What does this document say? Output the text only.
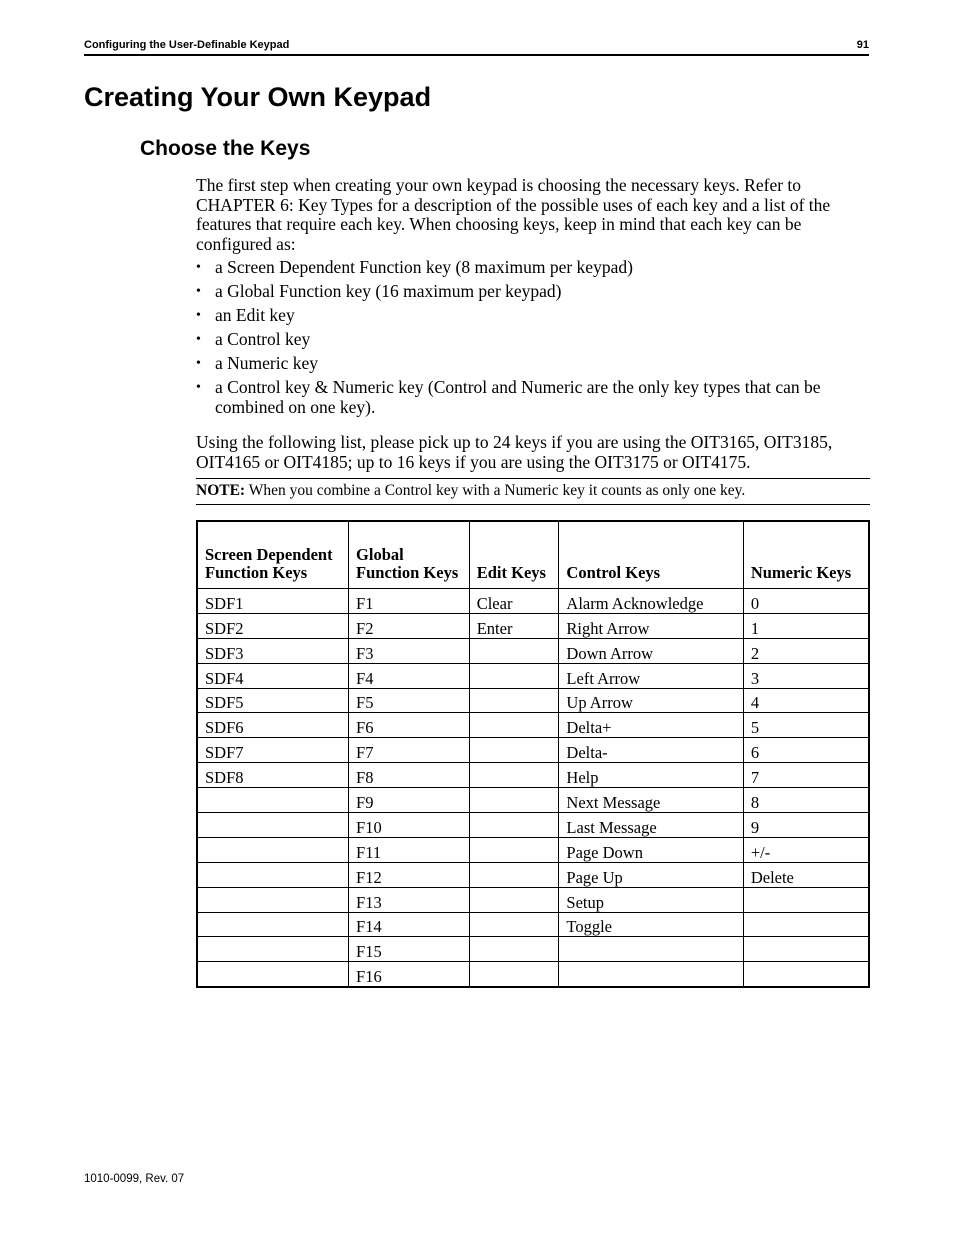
Configuring the User-Definable Keypad	91
Creating Your Own Keypad
Choose the Keys

The first step when creating your own keypad is choosing the necessary keys. Refer to CHAPTER 6: Key Types for a description of the possible uses of each key and a list of the features that require each key. When choosing keys, keep in mind that each key can be configured as:

• a Screen Dependent Function key (8 maximum per keypad)
• a Global Function key (16 maximum per keypad)
• an Edit key
• a Control key
• a Numeric key
• a Control key & Numeric key (Control and Numeric are the only key types that can be combined on one key).

Using the following list, please pick up to 24 keys if you are using the OIT3165, OIT3185, OIT4165 or OIT4185; up to 16 keys if you are using the OIT3175 or OIT4175.

NOTE: When you combine a Control key with a Numeric key it counts as only one key.
Screen Dependent Function Keys	Global Function Keys	Edit Keys	Control Keys	Numeric Keys
SDF1	F1	Clear	Alarm Acknowledge	0
SDF2	F2	Enter	Right Arrow	1
SDF3	F3		Down Arrow	2
SDF4	F4		Left Arrow	3
SDF5	F5		Up Arrow	4
SDF6	F6		Delta+	5
SDF7	F7		Delta-	6
SDF8	F8		Help	7
	F9		Next Message	8
	F10		Last Message	9
	F11		Page Down	+/-
	F12		Page Up	Delete
	F13		Setup	
	F14		Toggle	
	F15			
	F16			
1010-0099, Rev. 07
